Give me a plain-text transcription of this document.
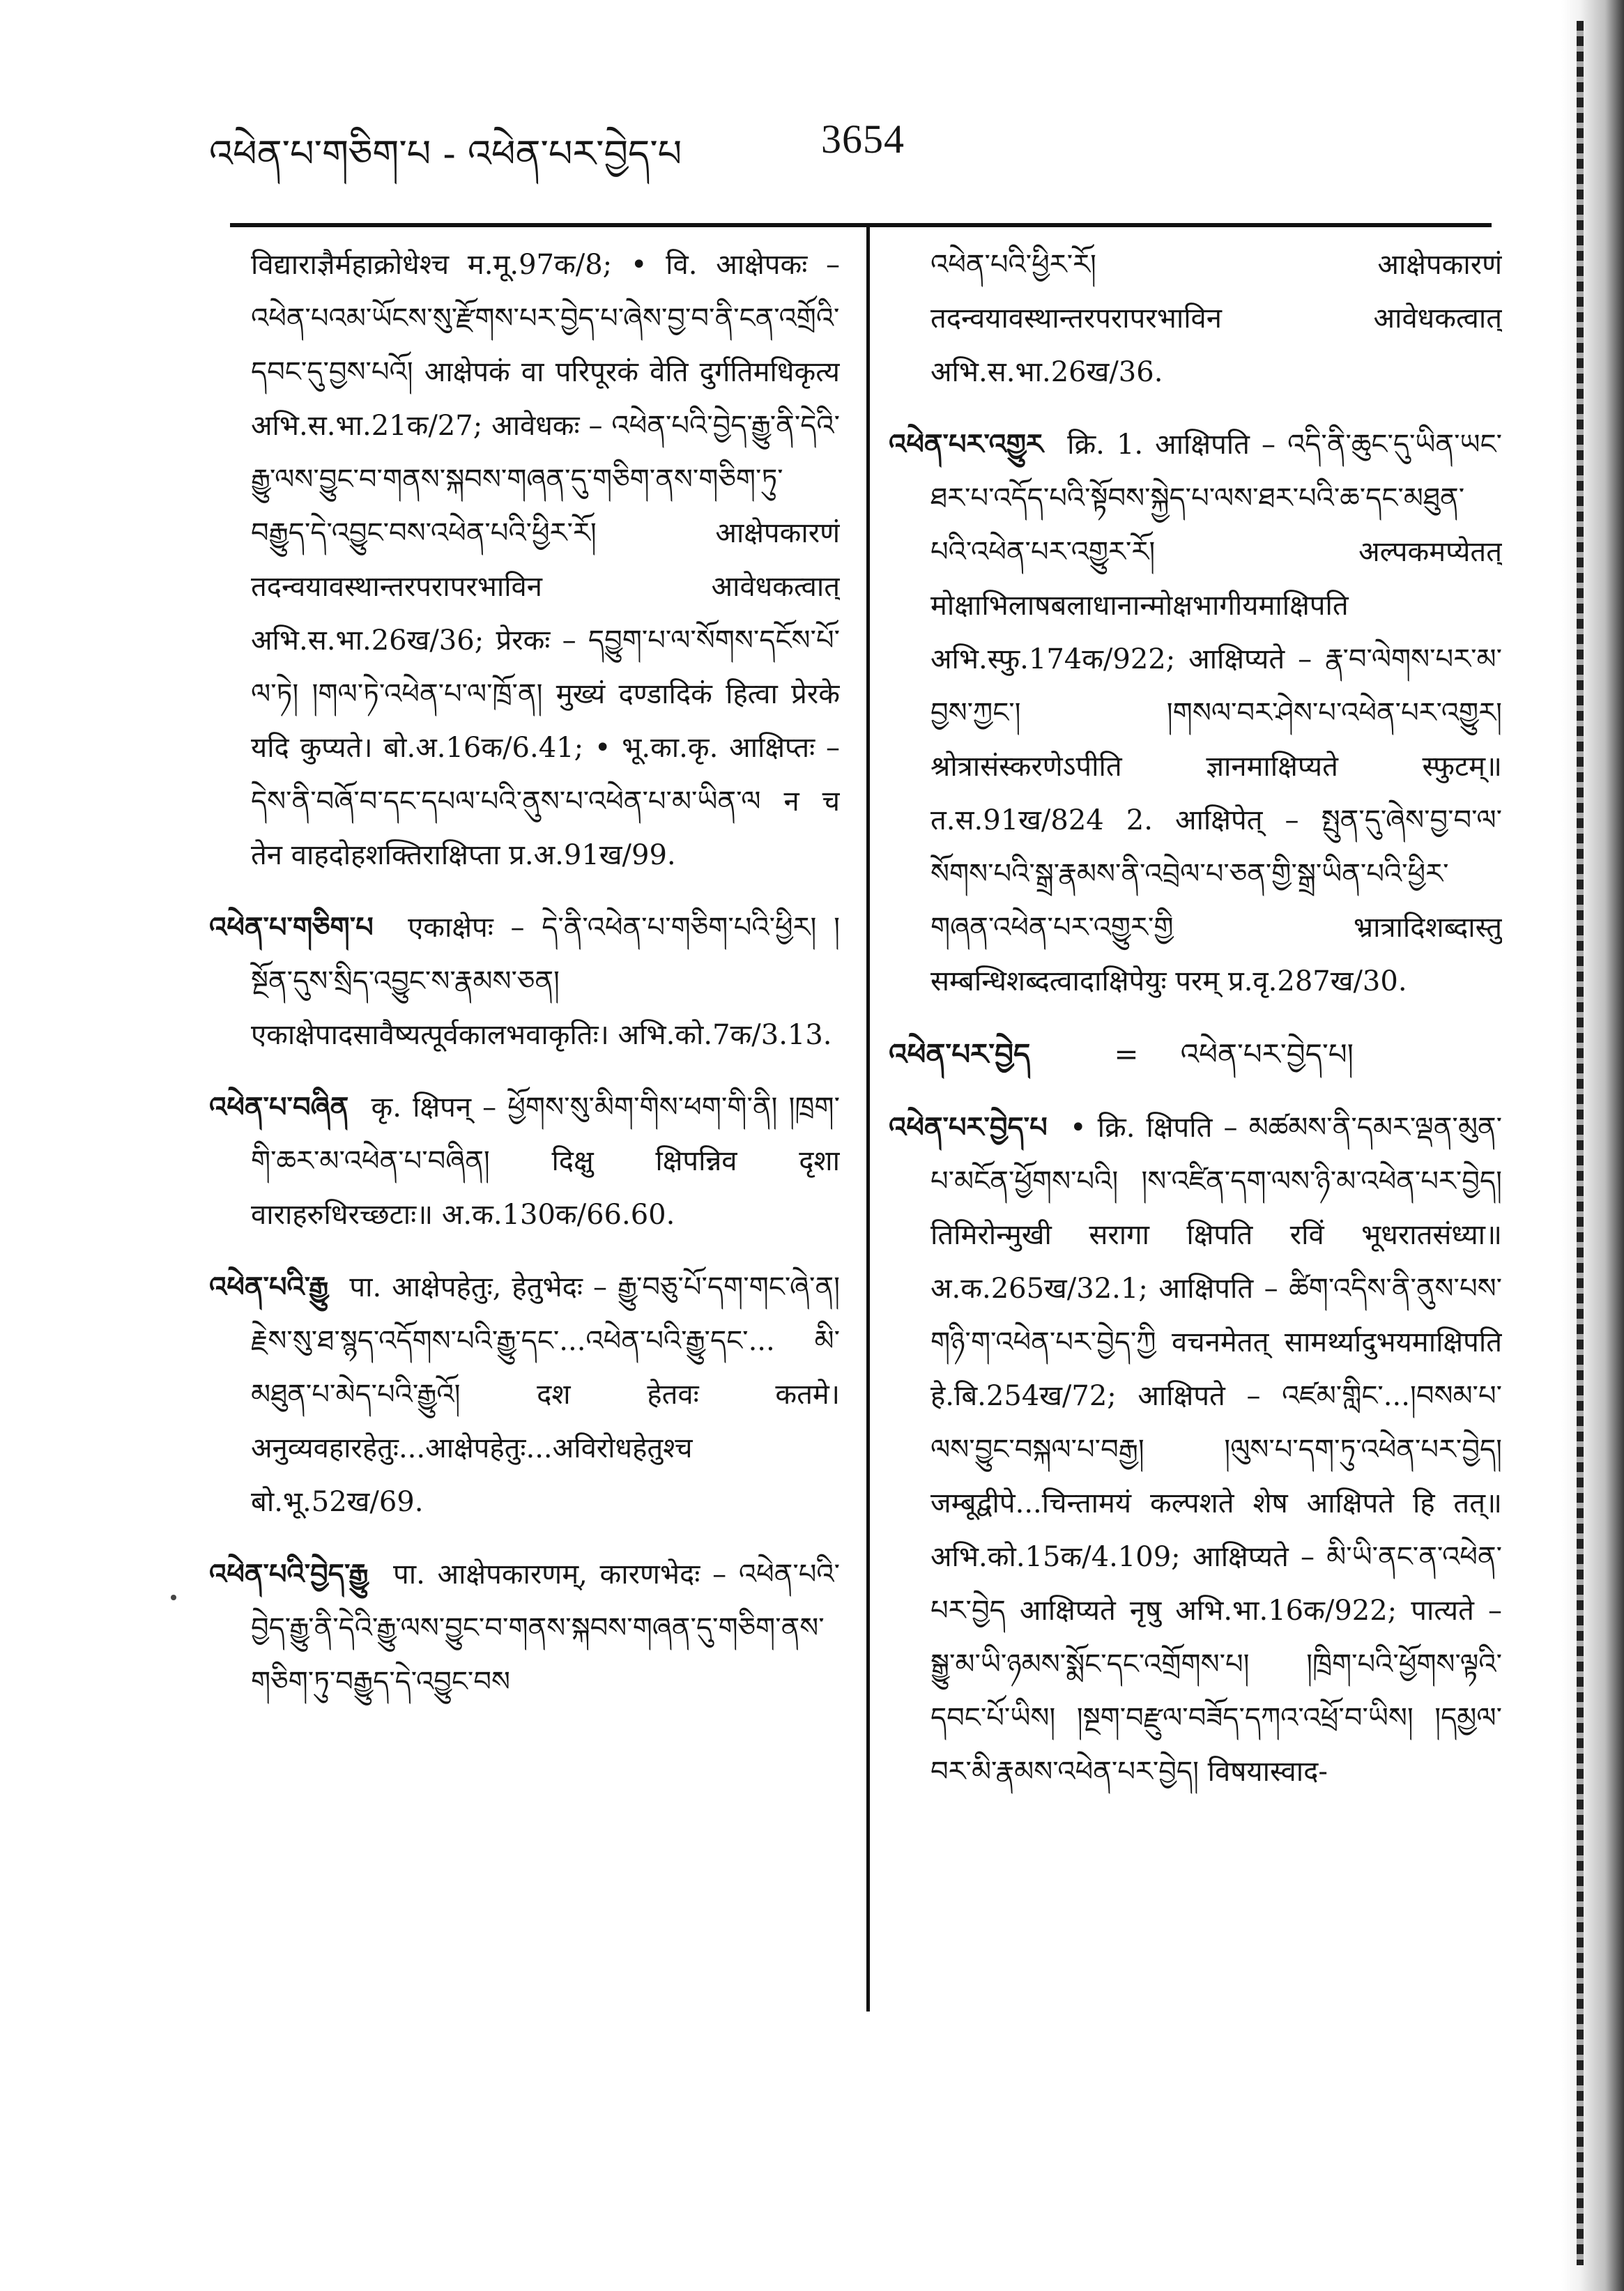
འཕེན་པ་གཅིག་པ - འཕེན་པར་བྱེད་པ	3654

विद्याराज्ञैर्महाक्रोधेश्च म.मू.97क/8; • वि. आक्षेपकः – འཕེན་པའམ་ཡོངས་སུ་རྫོགས་པར་བྱེད་པ་ཞེས་བྱ་བ་ནི་ངན་འགྲོའི་དབང་དུ་བྱས་པའོ། आक्षेपकं वा परिपूरकं वेति दुर्गतिमधिकृत्य अभि.स.भा.21क/27; आवेधकः – འཕེན་པའི་བྱེད་རྒྱུ་ནི་དེའི་རྒྱུ་ལས་བྱུང་བ་གནས་སྐབས་གཞན་དུ་གཅིག་ནས་གཅིག་ཏུ་བརྒྱུད་དེ་འབྱུང་བས་འཕེན་པའི་ཕྱིར་རོ། आक्षेपकारणं तदन्वयावस्थान्तरपरापरभाविन आवेधकत्वात् अभि.स.भा.26ख/36; प्रेरकः – དབྱུག་པ་ལ་སོགས་དངོས་པོ་ལ་ཏེ། །གལ་ཏེ་འཕེན་པ་ལ་ཁྲོ་ན། मुख्यं दण्डादिकं हित्वा प्रेरके यदि कुप्यते। बो.अ.16क/6.41; • भू.का.कृ. आक्षिप्तः – དེས་ནི་བཞོ་བ་དང་དཔལ་པའི་ནུས་པ་འཕེན་པ་མ་ཡིན་ལ न च तेन वाहदोहशक्तिराक्षिप्ता प्र.अ.91ख/99.

འཕེན་པ་གཅིག་པ एकाक्षेपः – དེ་ནི་འཕེན་པ་གཅིག་པའི་ཕྱིར། །སྔོན་དུས་སྲིད་འབྱུང་ས་རྣམས་ཅན། एकाक्षेपादसावैष्यत्पूर्वकालभवाकृतिः। अभि.को.7क/3.13.

འཕེན་པ་བཞིན कृ. क्षिपन् – ཕྱོགས་སུ་མིག་གིས་ཕག་གི་ནི། །ཁྲག་གི་ཆར་མ་འཕེན་པ་བཞིན། दिक्षु क्षिपन्निव दृशा वाराहरुधिरच्छटाः॥ अ.क.130क/66.60.

འཕེན་པའི་རྒྱུ पा. आक्षेपहेतुः, हेतुभेदः – རྒྱུ་བཅུ་པོ་དག་གང་ཞེ་ན། རྗེས་སུ་ཐ་སྙད་འདོགས་པའི་རྒྱུ་དང་...འཕེན་པའི་རྒྱུ་དང་... མི་མཐུན་པ་མེད་པའི་རྒྱུའོ། दश हेतवः कतमे। अनुव्यवहारहेतुः...आक्षेपहेतुः...अविरोधहेतुश्च बो.भू.52ख/69.

འཕེན་པའི་བྱེད་རྒྱུ पा. आक्षेपकारणम्, कारणभेदः – འཕེན་པའི་བྱེད་རྒྱུ་ནི་དེའི་རྒྱུ་ལས་བྱུང་བ་གནས་སྐབས་གཞན་དུ་གཅིག་ནས་གཅིག་ཏུ་བརྒྱུད་དེ་འབྱུང་བས

འཕེན་པའི་ཕྱིར་རོ། आक्षेपकारणं तदन्वयावस्थान्तरपरापरभाविन आवेधकत्वात् अभि.स.भा.26ख/36.

འཕེན་པར་འགྱུར क्रि. 1. आक्षिपति – འདི་ནི་ཆུང་དུ་ཡིན་ཡང་ཐར་པ་འདོད་པའི་སྟོབས་སྐྱེད་པ་ལས་ཐར་པའི་ཆ་དང་མཐུན་པའི་འཕེན་པར་འགྱུར་རོ། अल्पकमप्येतत् मोक्षाभिलाषबलाधानान्मोक्षभागीयमाक्षिपति अभि.स्फु.174क/922; आक्षिप्यते – རྣ་བ་ལེགས་པར་མ་བྱས་ཀྱང་། །གསལ་བར་ཤེས་པ་འཕེན་པར་འགྱུར། श्रोत्रासंस्करणेऽपीति ज्ञानमाक्षिप्यते स्फुटम्॥ त.स.91ख/824 2. आक्षिपेत् – སྤུན་དུ་ཞེས་བྱ་བ་ལ་སོགས་པའི་སྒྲ་རྣམས་ནི་འབྲེལ་པ་ཅན་གྱི་སྒྲ་ཡིན་པའི་ཕྱིར་གཞན་འཕེན་པར་འགྱུར་གྱི भ्रात्रादिशब्दास्तु सम्बन्धिशब्दत्वादाक्षिपेयुः परम् प्र.वृ.287ख/30.

འཕེན་པར་བྱེད	= འཕེན་པར་བྱེད་པ།

འཕེན་པར་བྱེད་པ • क्रि. क्षिपति – མཚམས་ནི་དམར་ལྡན་མུན་པ་མངོན་ཕྱོགས་པའི། །ས་འཛིན་དག་ལས་ཉི་མ་འཕེན་པར་བྱེད། तिमिरोन्मुखी सरागा क्षिपति रविं भूधरातसंध्या॥ अ.क.265ख/32.1; आक्षिपति – ཚིག་འདིས་ནི་ནུས་པས་གཉི་ག་འཕེན་པར་བྱེད་ཀྱི वचनमेतत् सामर्थ्यादुभयमाक्षिपति हे.बि.254ख/72; आक्षिपते – འཛམ་གླིང་...།བསམ་པ་ལས་བྱུང་བསྐལ་པ་བརྒྱ། །ལུས་པ་དག་ཏུ་འཕེན་པར་བྱེད། जम्बूद्वीपे...चिन्तामयं कल्पशते शेष आक्षिपते हि तत्॥ अभि.को.15क/4.109; आक्षिप्यते – མི་ཡི་ནང་ན་འཕེན་པར་བྱེད आक्षिप्यते नृषु अभि.भा.16क/922; पात्यते – སྒྱུ་མ་ཡི་ཉམས་སྨོང་དང་འགྲོགས་པ། །ཁྲིག་པའི་ཕྱོགས་ལྟའི་དབང་པོ་ཡིས། །སྔག་བརྫུལ་བཟོད་དཀའ་འཕྲོ་བ་ཡིས། །དམྱལ་བར་མི་རྣམས་འཕེན་པར་བྱེད། विषयास्वाद-
